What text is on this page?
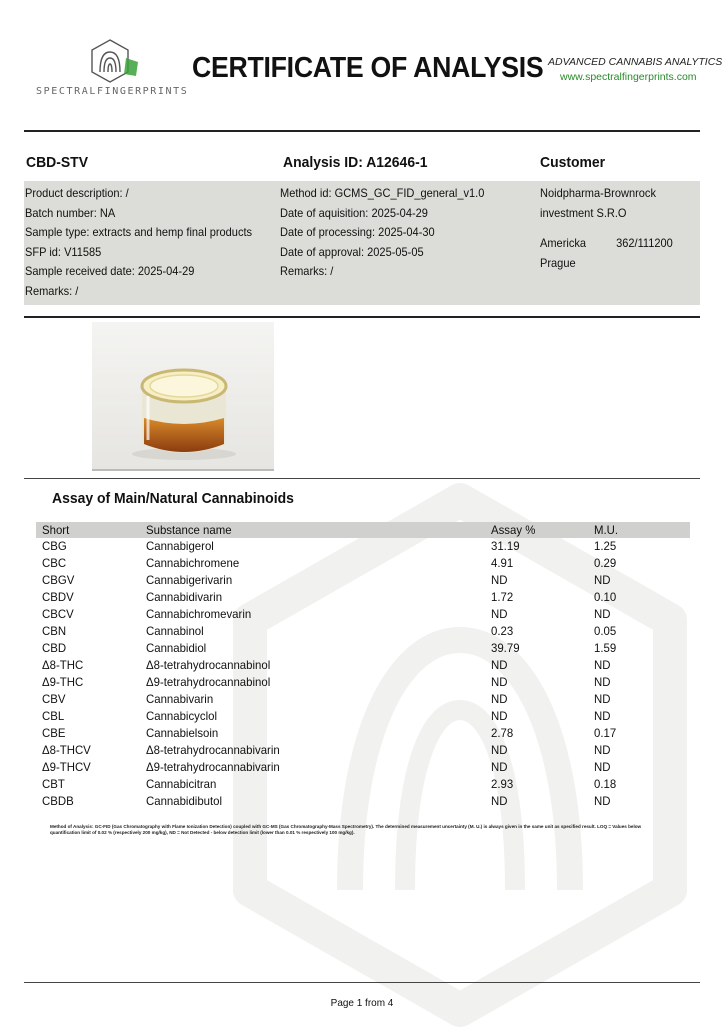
SPECTRALFINGERPRINTS
CERTIFICATE OF ANALYSIS ADVANCED CANNABIS ANALYTICS
www.spectralfingerprints.com
CBD-STV	Analysis ID: A12646-1	Customer
Product description: /
Batch number: NA
Sample type: extracts and hemp final products
SFP id: V11585
Sample received date: 2025-04-29
Remarks: /
Method id: GCMS_GC_FID_general_v1.0
Date of aquisition: 2025-04-29
Date of processing: 2025-04-30
Date of approval: 2025-05-05
Remarks: /
Noidpharma-Brownrock
investment S.R.O
Americka	362/111200
Prague
Assay of Main/Natural Cannabinoids
Short	Substance name	Assay %	M.U.
CBG	Cannabigerol	31.19	1.25
CBC	Cannabichromene	4.91	0.29
CBGV	Cannabigerivarin	ND	ND
CBDV	Cannabidivarin	1.72	0.10
CBCV	Cannabichromevarin	ND	ND
CBN	Cannabinol	0.23	0.05
CBD	Cannabidiol	39.79	1.59
Δ8-THC	Δ8-tetrahydrocannabinol	ND	ND
Δ9-THC	Δ9-tetrahydrocannabinol	ND	ND
CBV	Cannabivarin	ND	ND
CBL	Cannabicyclol	ND	ND
CBE	Cannabielsoin	2.78	0.17
Δ8-THCV	Δ8-tetrahydrocannabivarin	ND	ND
Δ9-THCV	Δ9-tetrahydrocannabivarin	ND	ND
CBT	Cannabicitran	2.93	0.18
CBDB	Cannabidibutol	ND	ND
Method of Analysis: GC-FID (Gas Chromatography with Flame Ionization Detection) coupled with GC-MS (Gas Chromatography-Mass Spectrometry). The determined measurement uncertainty (M. U.) is always given in the same unit as specified result. LOQ = Values below quantification limit of 0.02 % (respectively 200 mg/kg), ND = Not Detected - below detection limit (lower than 0.01 % respectively 100 mg/kg).
Page 1 from 4
